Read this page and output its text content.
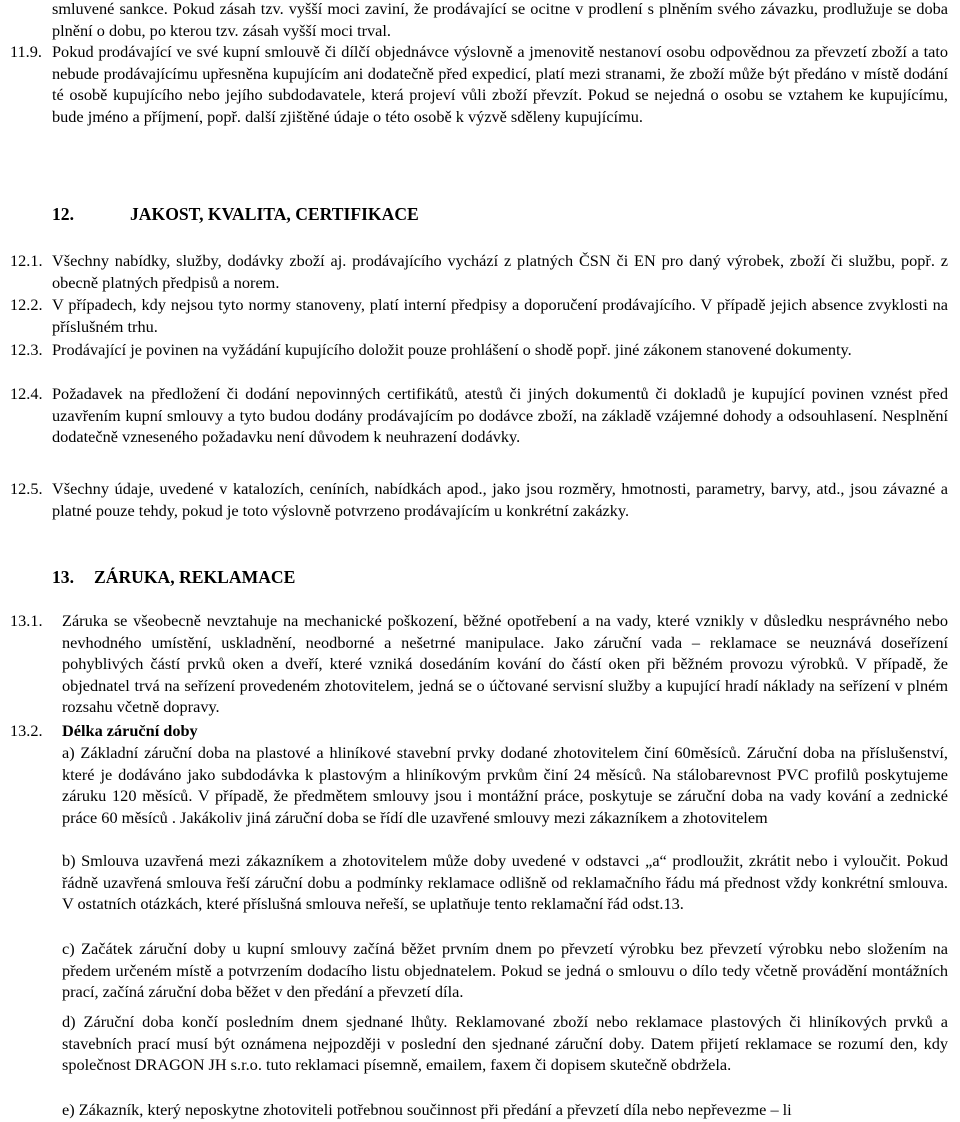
smluvené sankce. Pokud zásah tzv. vyšší moci zaviní, že prodávající se ocitne v prodlení s plněním svého závazku, prodlužuje se doba plnění o dobu, po kterou tzv. zásah vyšší moci trval.
11.9. Pokud prodávající ve své kupní smlouvě či dílčí objednávce výslovně a jmenovitě nestanoví osobu odpovědnou za převzetí zboží a tato nebude prodávajícímu upřesněna kupujícím ani dodatečně před expedicí, platí mezi stranami, že zboží může být předáno v místě dodání té osobě kupujícího nebo jejího subdodavatele, která projeví vůli zboží převzít. Pokud se nejedná o osobu se vztahem ke kupujícímu, bude jméno a příjmení, popř. další zjištěné údaje o této osobě k výzvě sděleny kupujícímu.
12.	JAKOST, KVALITA, CERTIFIKACE
12.1. Všechny nabídky, služby, dodávky zboží aj. prodávajícího vychází z platných ČSN či EN pro daný výrobek, zboží či službu, popř. z obecně platných předpisů a norem.
12.2. V případech, kdy nejsou tyto normy stanoveny, platí interní předpisy a doporučení prodávajícího. V případě jejich absence zvyklosti na příslušném trhu.
12.3. Prodávající je povinen na vyžádání kupujícího doložit pouze prohlášení o shodě popř. jiné zákonem stanovené dokumenty.
12.4. Požadavek na předložení či dodání nepovinných certifikátů, atestů či jiných dokumentů či dokladů je kupující povinen vznést před uzavřením kupní smlouvy a tyto budou dodány prodávajícím po dodávce zboží, na základě vzájemné dohody a odsouhlasení. Nesplnění dodatečně vzneseného požadavku není důvodem k neuhrazení dodávky.
12.5. Všechny údaje, uvedené v katalozích, ceníních, nabídkách apod., jako jsou rozměry, hmotnosti, parametry, barvy, atd., jsou závazné a platné pouze tehdy, pokud je toto výslovně potvrzeno prodávajícím u konkrétní zakázky.
13. ZÁRUKA, REKLAMACE
13.1. Záruka se všeobecně nevztahuje na mechanické poškození, běžné opotřebení a na vady, které vznikly v důsledku nesprávného nebo nevhodného umístění, uskladnění, neodborné a nešetrné manipulace. Jako záruční vada – reklamace se neuznává doseřízení pohyblivých částí prvků oken a dveří, které vzniká dosedáním kování do částí oken při běžném provozu výrobků. V případě, že objednatel trvá na seřízení provedeném zhotovitelem, jedná se o účtované servisní služby a kupující hradí náklady na seřízení v plném rozsahu včetně dopravy.
13.2. Délka záruční doby
a) Základní záruční doba na plastové a hliníkové stavební prvky dodané zhotovitelem činí 60měsíců. Záruční doba na příslušenství, které je dodáváno jako subdodávka k plastovým a hliníkovým prvkům činí 24 měsíců. Na stálobarevnost PVC profilů poskytujeme záruku 120 měsíců. V případě, že předmětem smlouvy jsou i montážní práce, poskytuje se záruční doba na vady kování a zednické práce 60 měsíců . Jakákoliv jiná záruční doba se řídí dle uzavřené smlouvy mezi zákazníkem a zhotovitelem
b) Smlouva uzavřená mezi zákazníkem a zhotovitelem může doby uvedené v odstavci „a“ prodloužit, zkrátit nebo i vyloučit. Pokud řádně uzavřená smlouva řeší záruční dobu a podmínky reklamace odlišně od reklamačního řádu má přednost vždy konkrétní smlouva. V ostatních otázkách, které příslušná smlouva neřeší, se uplatňuje tento reklamační řád odst.13.
c) Začátek záruční doby u kupní smlouvy začíná běžet prvním dnem po převzetí výrobku bez převzetí výrobku nebo složením na předem určeném místě a potvrzením dodacího listu objednatelem. Pokud se jedná o smlouvu o dílo tedy včetně provádění montážních prací, začíná záruční doba běžet v den předání a převzetí díla.
d) Záruční doba končí posledním dnem sjednané lhůty. Reklamované zboží nebo reklamace plastových či hliníkových prvků a stavebních prací musí být oznámena nejpozději v poslední den sjednané záruční doby. Datem přijetí reklamace se rozumí den, kdy společnost DRAGON JH s.r.o. tuto reklamaci písemně, emailem, faxem či dopisem skutečně obdržela.
e) Zákazník, který neposkytne zhotoviteli potřebnou součinnost při předání a převzetí díla nebo nepřevezme – li
